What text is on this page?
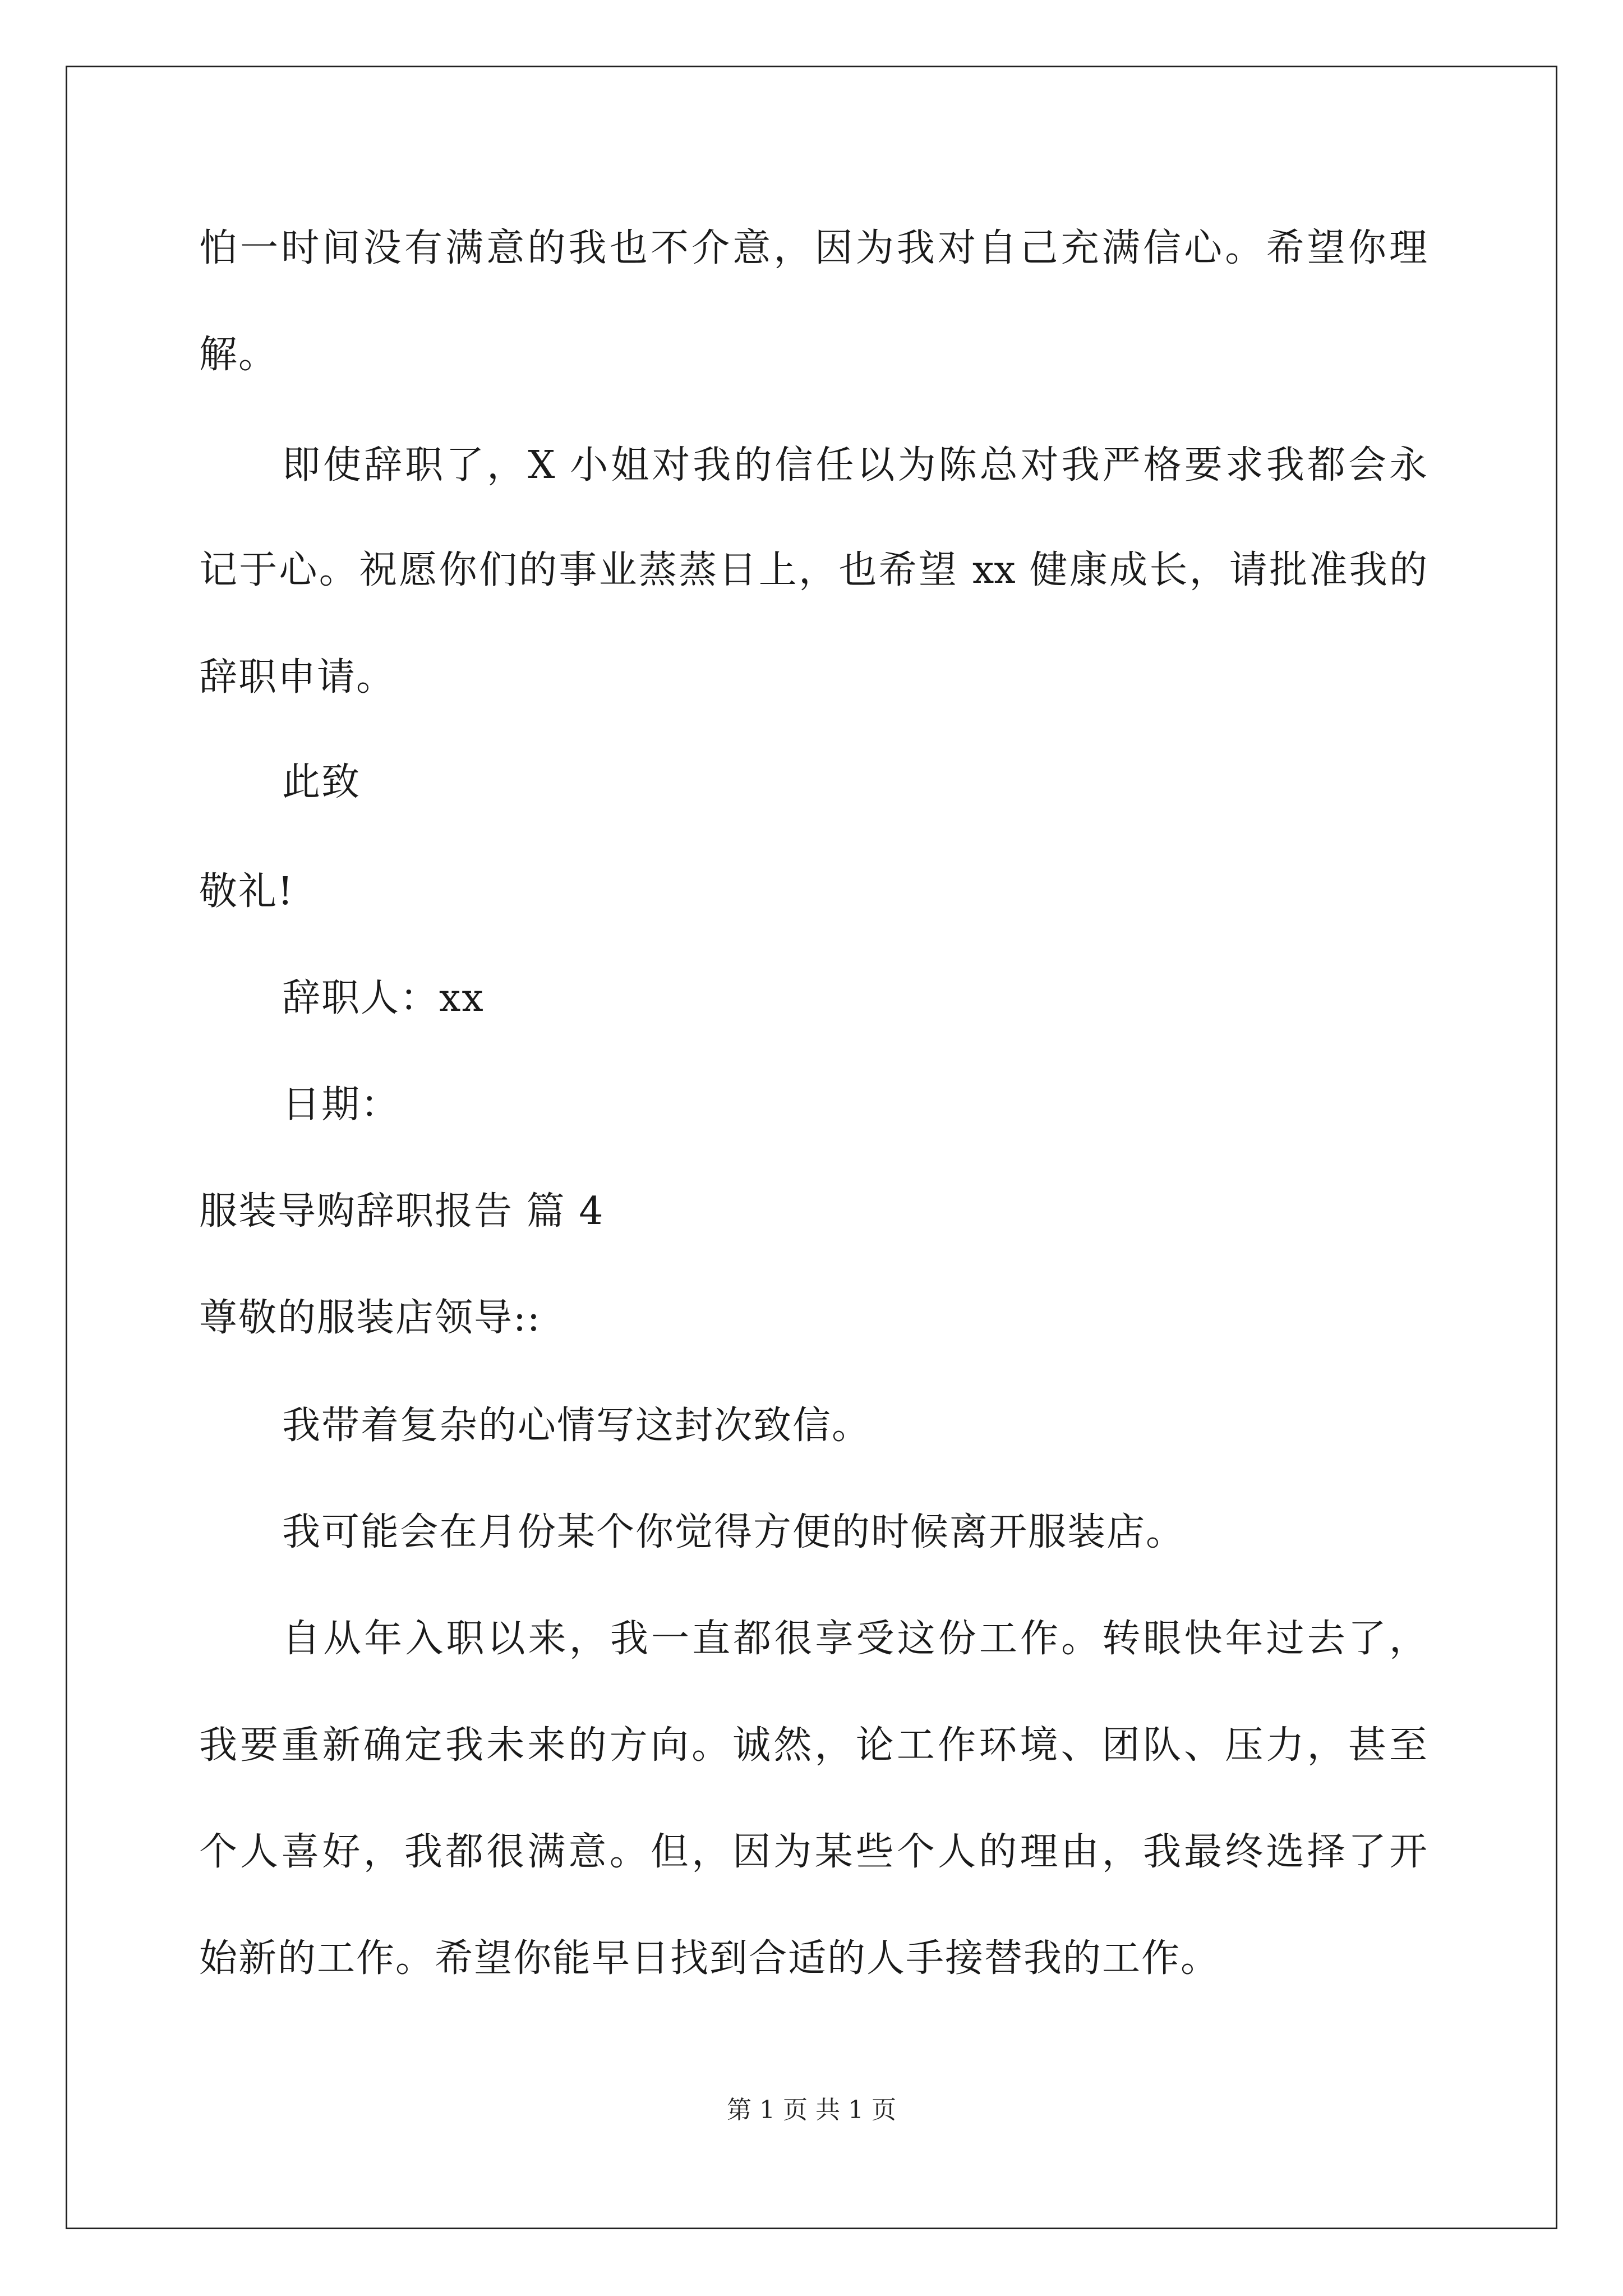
怕一时间没有满意的我也不介意，因为我对自己充满信心。希望你理
解。
即使辞职了，X 小姐对我的信任以为陈总对我严格要求我都会永
记于心。祝愿你们的事业蒸蒸日上，也希望 xx 健康成长，请批准我的
辞职申请。
此致
敬礼!
辞职人：xx
日期：
服装导购辞职报告 篇 4
尊敬的服装店领导::
我带着复杂的心情写这封次致信。
我可能会在月份某个你觉得方便的时候离开服装店。
自从年入职以来，我一直都很享受这份工作。转眼快年过去了，
我要重新确定我未来的方向。诚然，论工作环境、团队、压力，甚至
个人喜好，我都很满意。但，因为某些个人的理由，我最终选择了开
始新的工作。希望你能早日找到合适的人手接替我的工作。
第 1 页 共 1 页
